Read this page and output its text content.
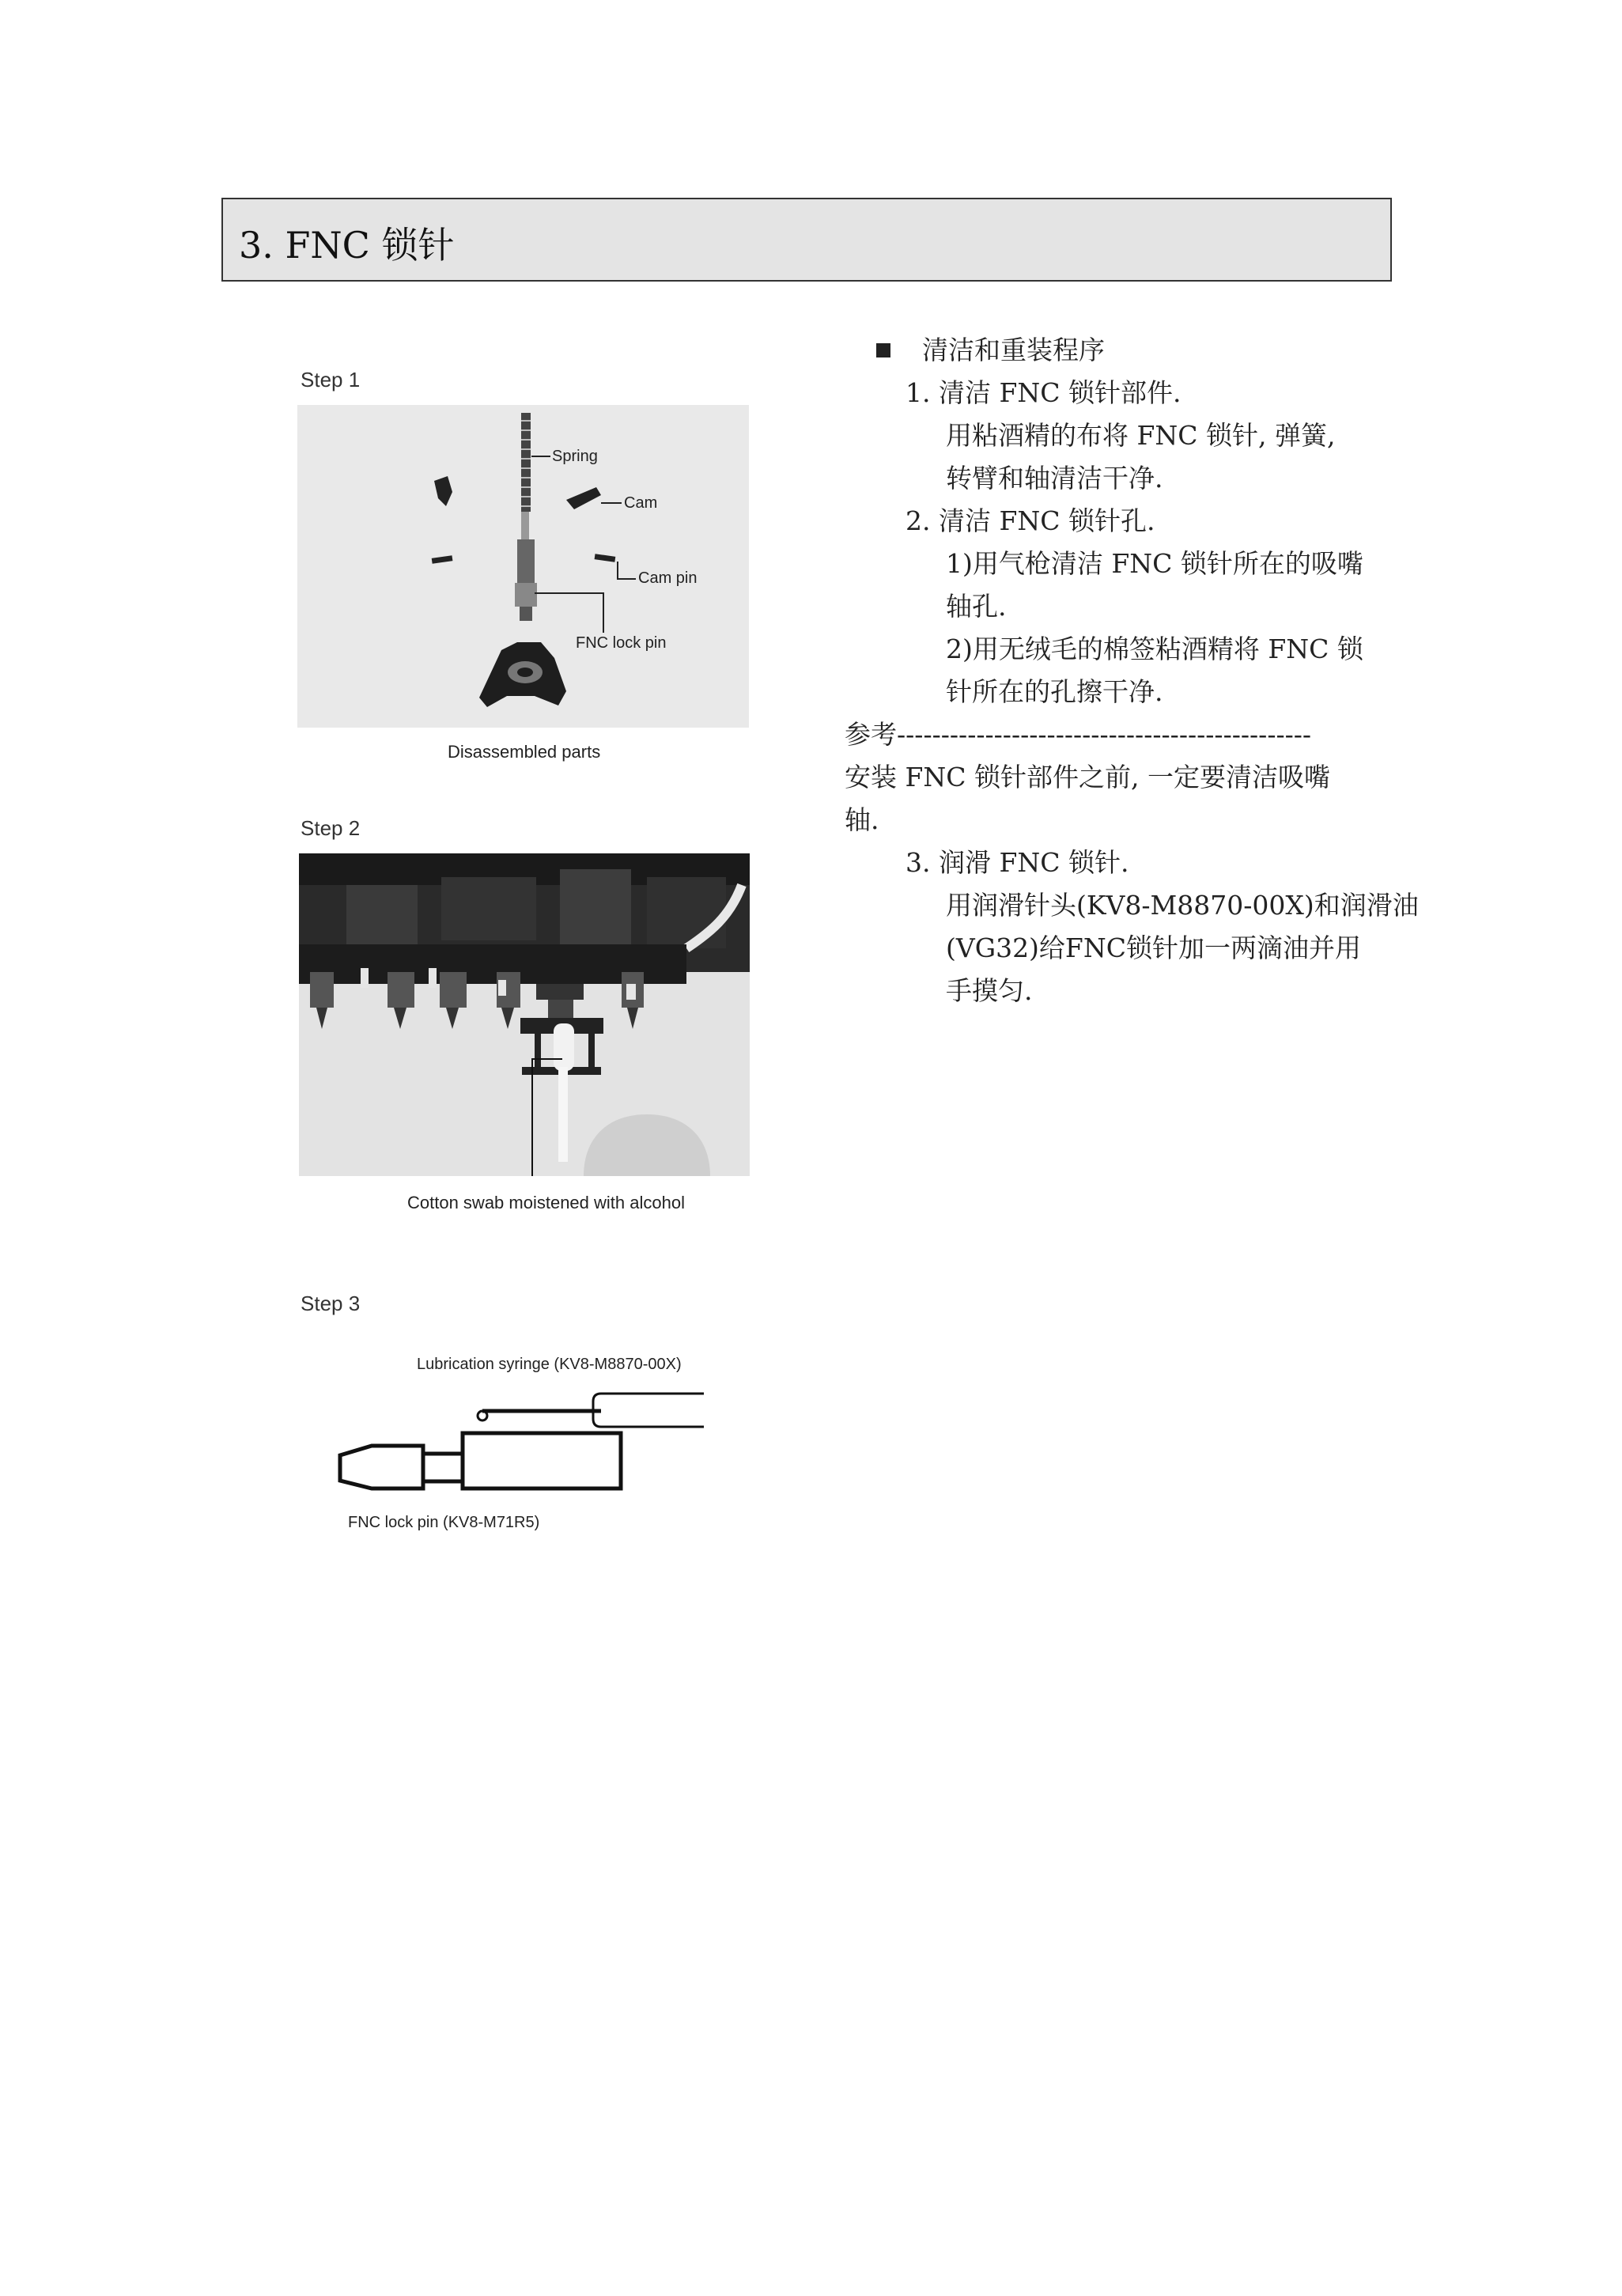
3. FNC 锁针
Step 1
Spring
Cam
Cam pin
FNC lock pin
Disassembled parts
Step 2
Cotton swab moistened with alcohol
Step 3
Lubrication syringe (KV8-M8870-00X)
FNC lock pin (KV8-M71R5)
清洁和重装程序
1. 清洁 FNC 锁针部件.
用粘酒精的布将 FNC 锁针, 弹簧,
转臂和轴清洁干净.
2. 清洁 FNC 锁针孔.
1)用气枪清洁 FNC 锁针所在的吸嘴
轴孔.
2)用无绒毛的棉签粘酒精将 FNC 锁
针所在的孔擦干净.
参考-----------------------------------------------
安装 FNC 锁针部件之前, 一定要清洁吸嘴
轴.
3. 润滑 FNC 锁针.
用润滑针头(KV8-M8870-00X)和润滑油
(VG32)给FNC锁针加一两滴油并用
手摸匀.
